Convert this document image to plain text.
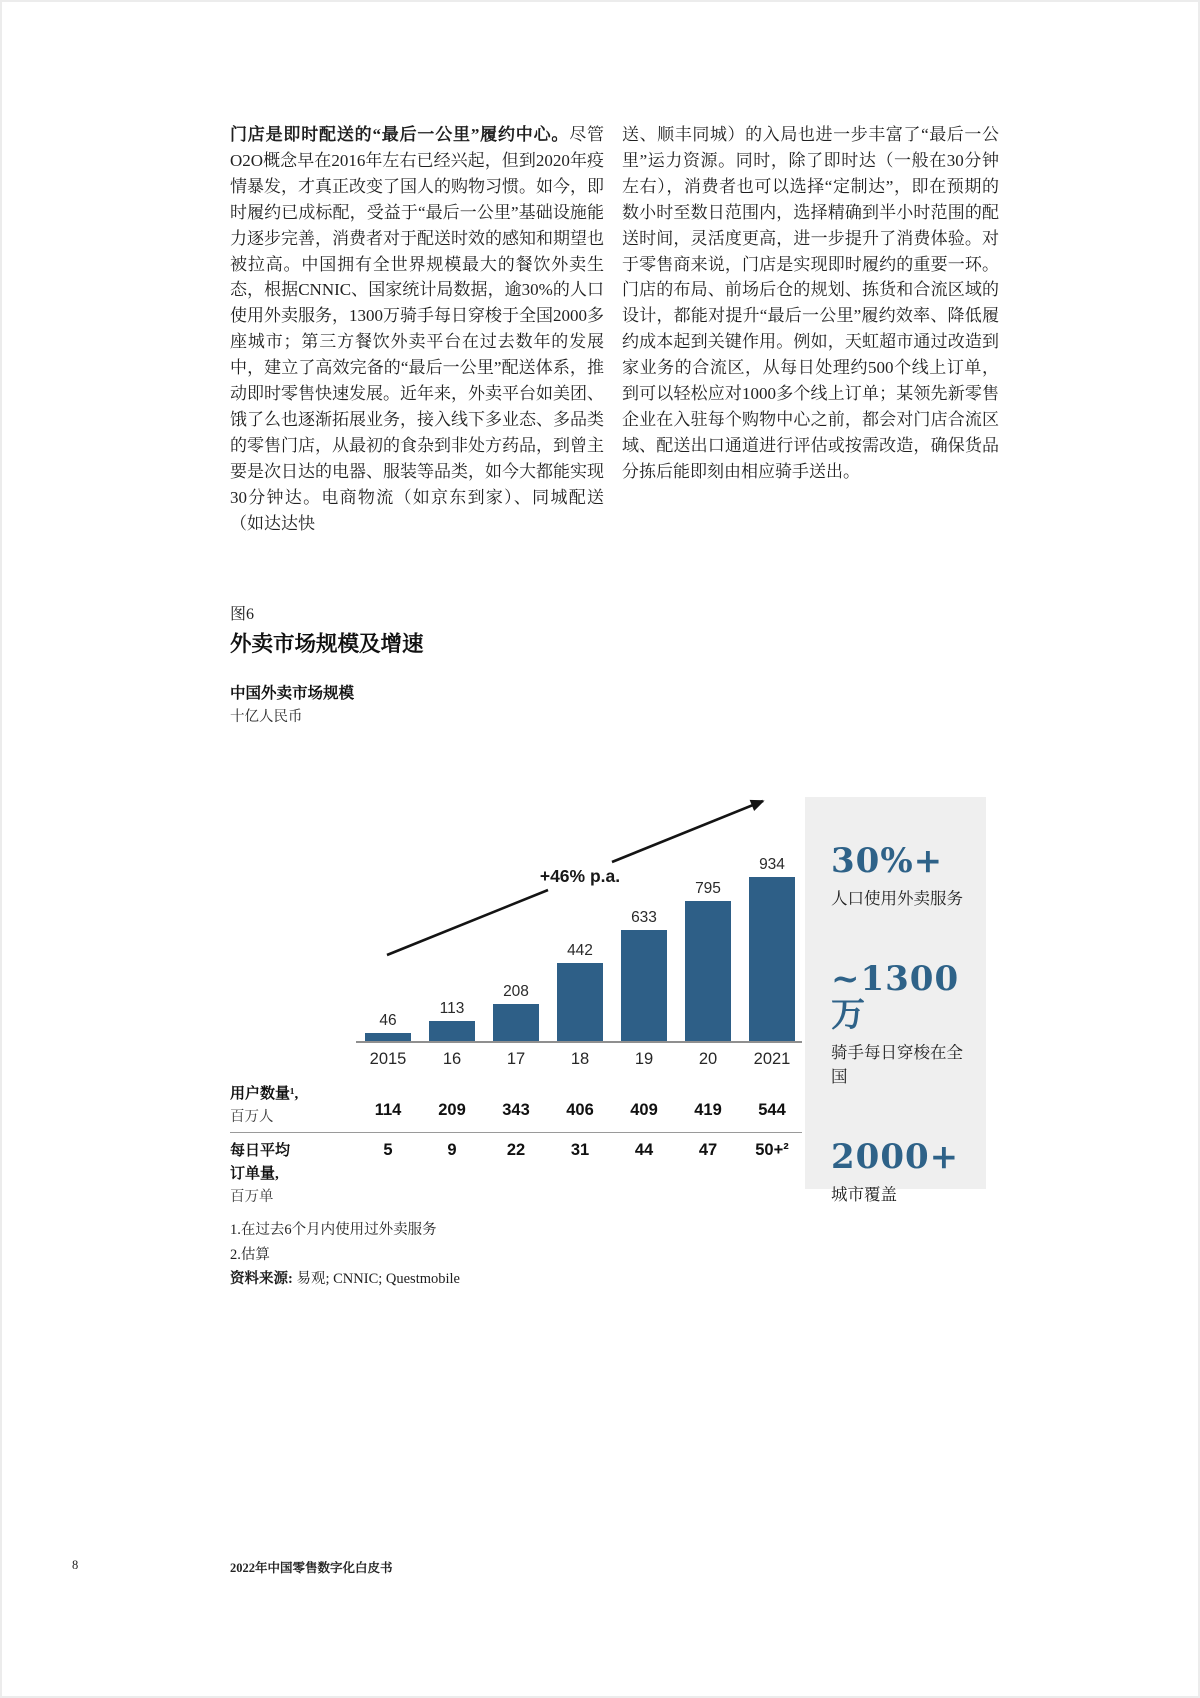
门店是即时配送的“最后一公里”履约中心。尽管O2O概念早在2016年左右已经兴起，但到2020年疫情暴发，才真正改变了国人的购物习惯。如今，即时履约已成标配，受益于“最后一公里”基础设施能力逐步完善，消费者对于配送时效的感知和期望也被拉高。中国拥有全世界规模最大的餐饮外卖生态，根据CNNIC、国家统计局数据，逾30%的人口使用外卖服务，1300万骑手每日穿梭于全国2000多座城市；第三方餐饮外卖平台在过去数年的发展中，建立了高效完备的“最后一公里”配送体系，推动即时零售快速发展。近年来，外卖平台如美团、饿了么也逐渐拓展业务，接入线下多业态、多品类的零售门店，从最初的食杂到非处方药品，到曾主要是次日达的电器、服装等品类，如今大都能实现30分钟达。电商物流（如京东到家）、同城配送（如达达快
送、顺丰同城）的入局也进一步丰富了“最后一公里”运力资源。同时，除了即时达（一般在30分钟左右），消费者也可以选择“定制达”，即在预期的数小时至数日范围内，选择精确到半小时范围的配送时间，灵活度更高，进一步提升了消费体验。对于零售商来说，门店是实现即时履约的重要一环。门店的布局、前场后仓的规划、拣货和合流区域的设计，都能对提升“最后一公里”履约效率、降低履约成本起到关键作用。例如，天虹超市通过改造到家业务的合流区，从每日处理约500个线上订单，到可以轻松应对1000多个线上订单；某领先新零售企业在入驻每个购物中心之前，都会对门店合流区域、配送出口通道进行评估或按需改造，确保货品分拣后能即刻由相应骑手送出。
图6
外卖市场规模及增速
中国外卖市场规模
十亿人民币
+46% p.a.
46
113
208
442
633
795
934
2015	16	17	18	19	20	2021
用户数量¹,
百万人	114	209	343	406	409	419	544
每日平均
订单量,
百万单
5	9	22	31	44	47	50+²
30%+
人口使用外卖服务
~1300万
骑手每日穿梭在全国
2000+
城市覆盖
1.在过去6个月内使用过外卖服务
2.估算
资料来源: 易观; CNNIC; Questmobile
8	2022年中国零售数字化白皮书
